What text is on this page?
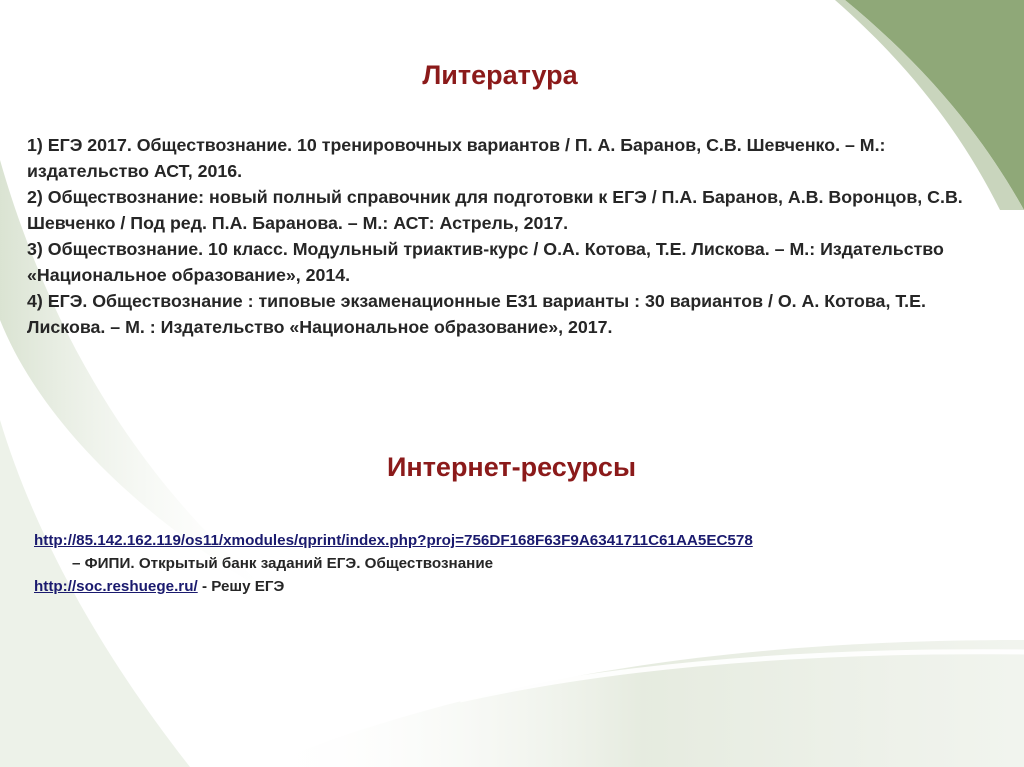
Литература

1) ЕГЭ 2017. Обществознание. 10 тренировочных вариантов / П. А. Баранов, С.В. Шевченко. – М.: издательство АСТ, 2016.

2) Обществознание: новый полный справочник для подготовки к ЕГЭ / П.А. Баранов, А.В. Воронцов, С.В. Шевченко / Под ред. П.А. Баранова. – М.: АСТ: Астрель, 2017.

3) Обществознание. 10 класс. Модульный триактив-курс / О.А. Котова, Т.Е. Лискова. – М.: Издательство «Национальное образование», 2014.

4) ЕГЭ. Обществознание : типовые экзаменационные Е31 варианты : 30 вариантов / О. А. Котова, Т.Е. Лискова. – М. : Издательство «Национальное образование», 2017.

Интернет-ресурсы

http://85.142.162.119/os11/xmodules/qprint/index.php?proj=756DF168F63F9A6341711C61AA5EC578

– ФИПИ. Открытый банк заданий ЕГЭ. Обществознание

http://soc.reshuege.ru/ - Решу ЕГЭ
